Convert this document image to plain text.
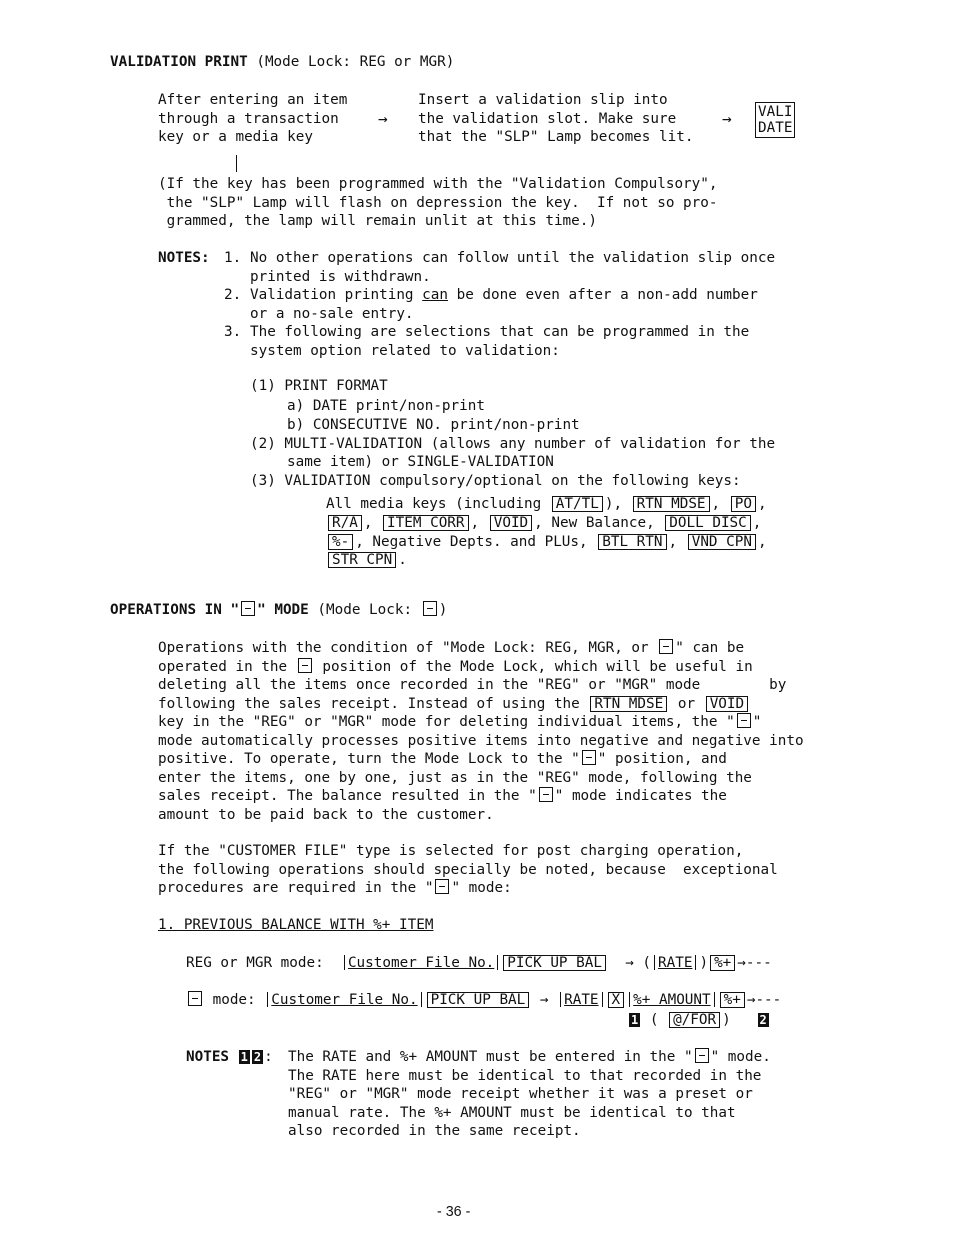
VALIDATION PRINT (Mode Lock: REG or MGR)
After entering an item
through a transaction
key or a media key
→
Insert a validation slip into
the validation slot. Make sure
that the "SLP" Lamp becomes lit.
→ VALI
DATE
(If the key has been programmed with the "Validation Compulsory",
the "SLP" Lamp will flash on depression the key.  If not so pro-
grammed, the lamp will remain unlit at this time.)
NOTES: 1. No other operations can follow until the validation slip once
printed is withdrawn.
2. Validation printing can be done even after a non-add number
or a no-sale entry.
3. The following are selections that can be programmed in the
system option related to validation:
(1) PRINT FORMAT
a) DATE print/non-print
b) CONSECUTIVE NO. print/non-print
(2) MULTI-VALIDATION (allows any number of validation for the
same item) or SINGLE-VALIDATION
(3) VALIDATION compulsory/optional on the following keys:
All media keys (including AT/TL ), RTN MDSE , PO ,
R/A , ITEM CORR , VOID , New Balance, DOLL DISC ,
%- , Negative Depts. and PLUs, BTL RTN , VND CPN ,
STR CPN .
OPERATIONS IN " " MODE (Mode Lock: )
Operations with the condition of "Mode Lock: REG, MGR, or " can be
operated in the position of the Mode Lock, which will be useful in
deleting all the items once recorded in the "REG" or "MGR" mode        by
following the sales receipt. Instead of using the RTN MDSE or VOID
key in the "REG" or "MGR" mode for deleting individual items, the " "
mode automatically processes positive items into negative and negative into
positive. To operate, turn the Mode Lock to the " " position, and
enter the items, one by one, just as in the "REG" mode, following the
sales receipt. The balance resulted in the " " mode indicates the
amount to be paid back to the customer.
If the "CUSTOMER FILE" type is selected for post charging operation,
the following operations should specially be noted, because  exceptional
procedures are required in the " " mode:
1. PREVIOUS BALANCE WITH %+ ITEM
REG or MGR mode: Customer File No. PICK UP BAL → ( RATE ) %+ →---
mode: Customer File No. PICK UP BAL → RATE X %+ AMOUNT %+ →---
1 ( @/FOR )   2
NOTES 1 2 : The RATE and %+ AMOUNT must be entered in the " " mode.
The RATE here must be identical to that recorded in the
"REG" or "MGR" mode receipt whether it was a preset or
manual rate. The %+ AMOUNT must be identical to that
also recorded in the same receipt.
- 36 -
